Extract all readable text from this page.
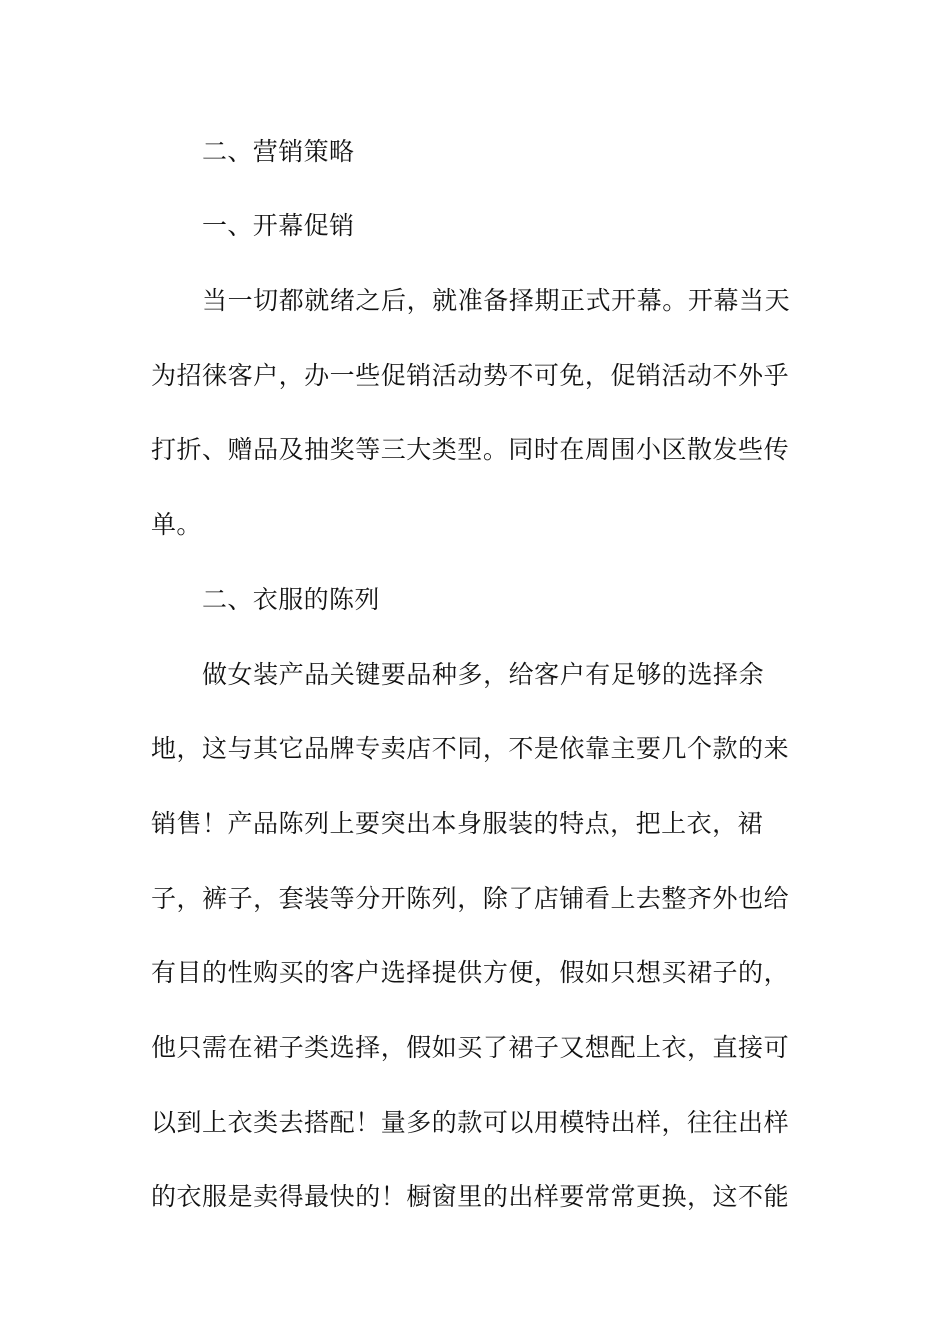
二、营销策略
一、开幕促销
当一切都就绪之后，就准备择期正式开幕。开幕当天
为招徕客户，办一些促销活动势不可免，促销活动不外乎
打折、赠品及抽奖等三大类型。同时在周围小区散发些传
单。
二、衣服的陈列
做女装产品关键要品种多，给客户有足够的选择余
地，这与其它品牌专卖店不同，不是依靠主要几个款的来
销售！产品陈列上要突出本身服装的特点，把上衣，裙
子，裤子，套装等分开陈列，除了店铺看上去整齐外也给
有目的性购买的客户选择提供方便，假如只想买裙子的，
他只需在裙子类选择，假如买了裙子又想配上衣，直接可
以到上衣类去搭配！量多的款可以用模特出样，往往出样
的衣服是卖得最快的！橱窗里的出样要常常更换，这不能
